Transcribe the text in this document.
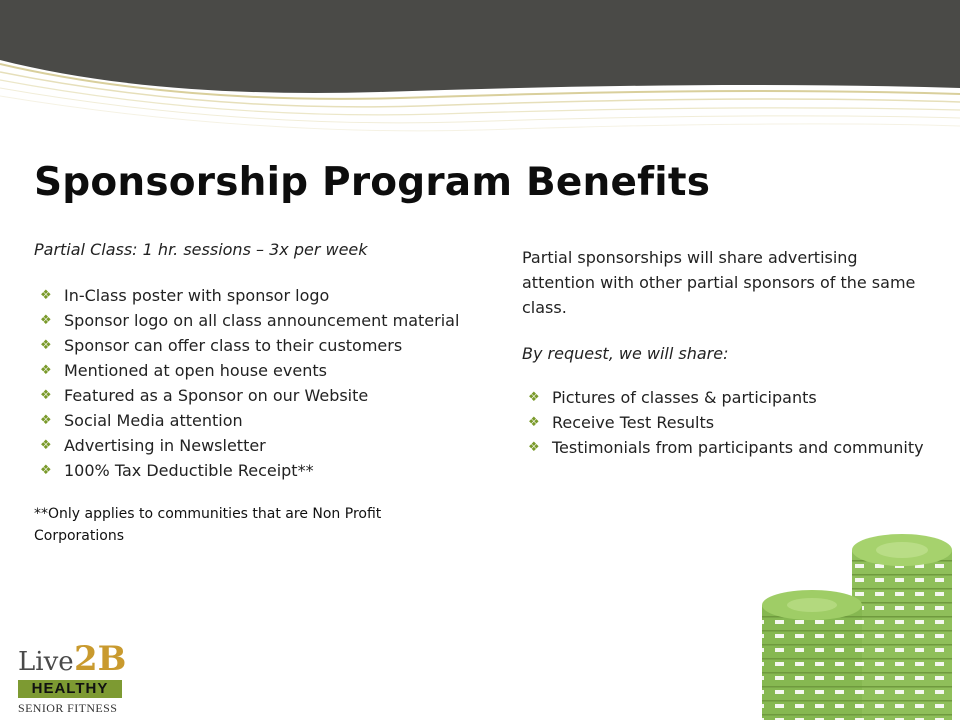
Sponsorship Program Benefits

Partial Class: 1 hr. sessions – 3x per week

❖ In-Class poster with sponsor logo
❖ Sponsor logo on all class announcement material
❖ Sponsor can offer class to their customers
❖ Mentioned at open house events
❖ Featured as a Sponsor on our Website
❖ Social Media attention
❖ Advertising in Newsletter
❖ 100% Tax Deductible Receipt**

**Only applies to communities that are Non Profit Corporations

Partial sponsorships will share advertising attention with other partial sponsors of the same class.

By request, we will share:

❖ Pictures of classes & participants
❖ Receive Test Results
❖ Testimonials from participants and community
Live 2B
HEALTHY
SENIOR FITNESS
